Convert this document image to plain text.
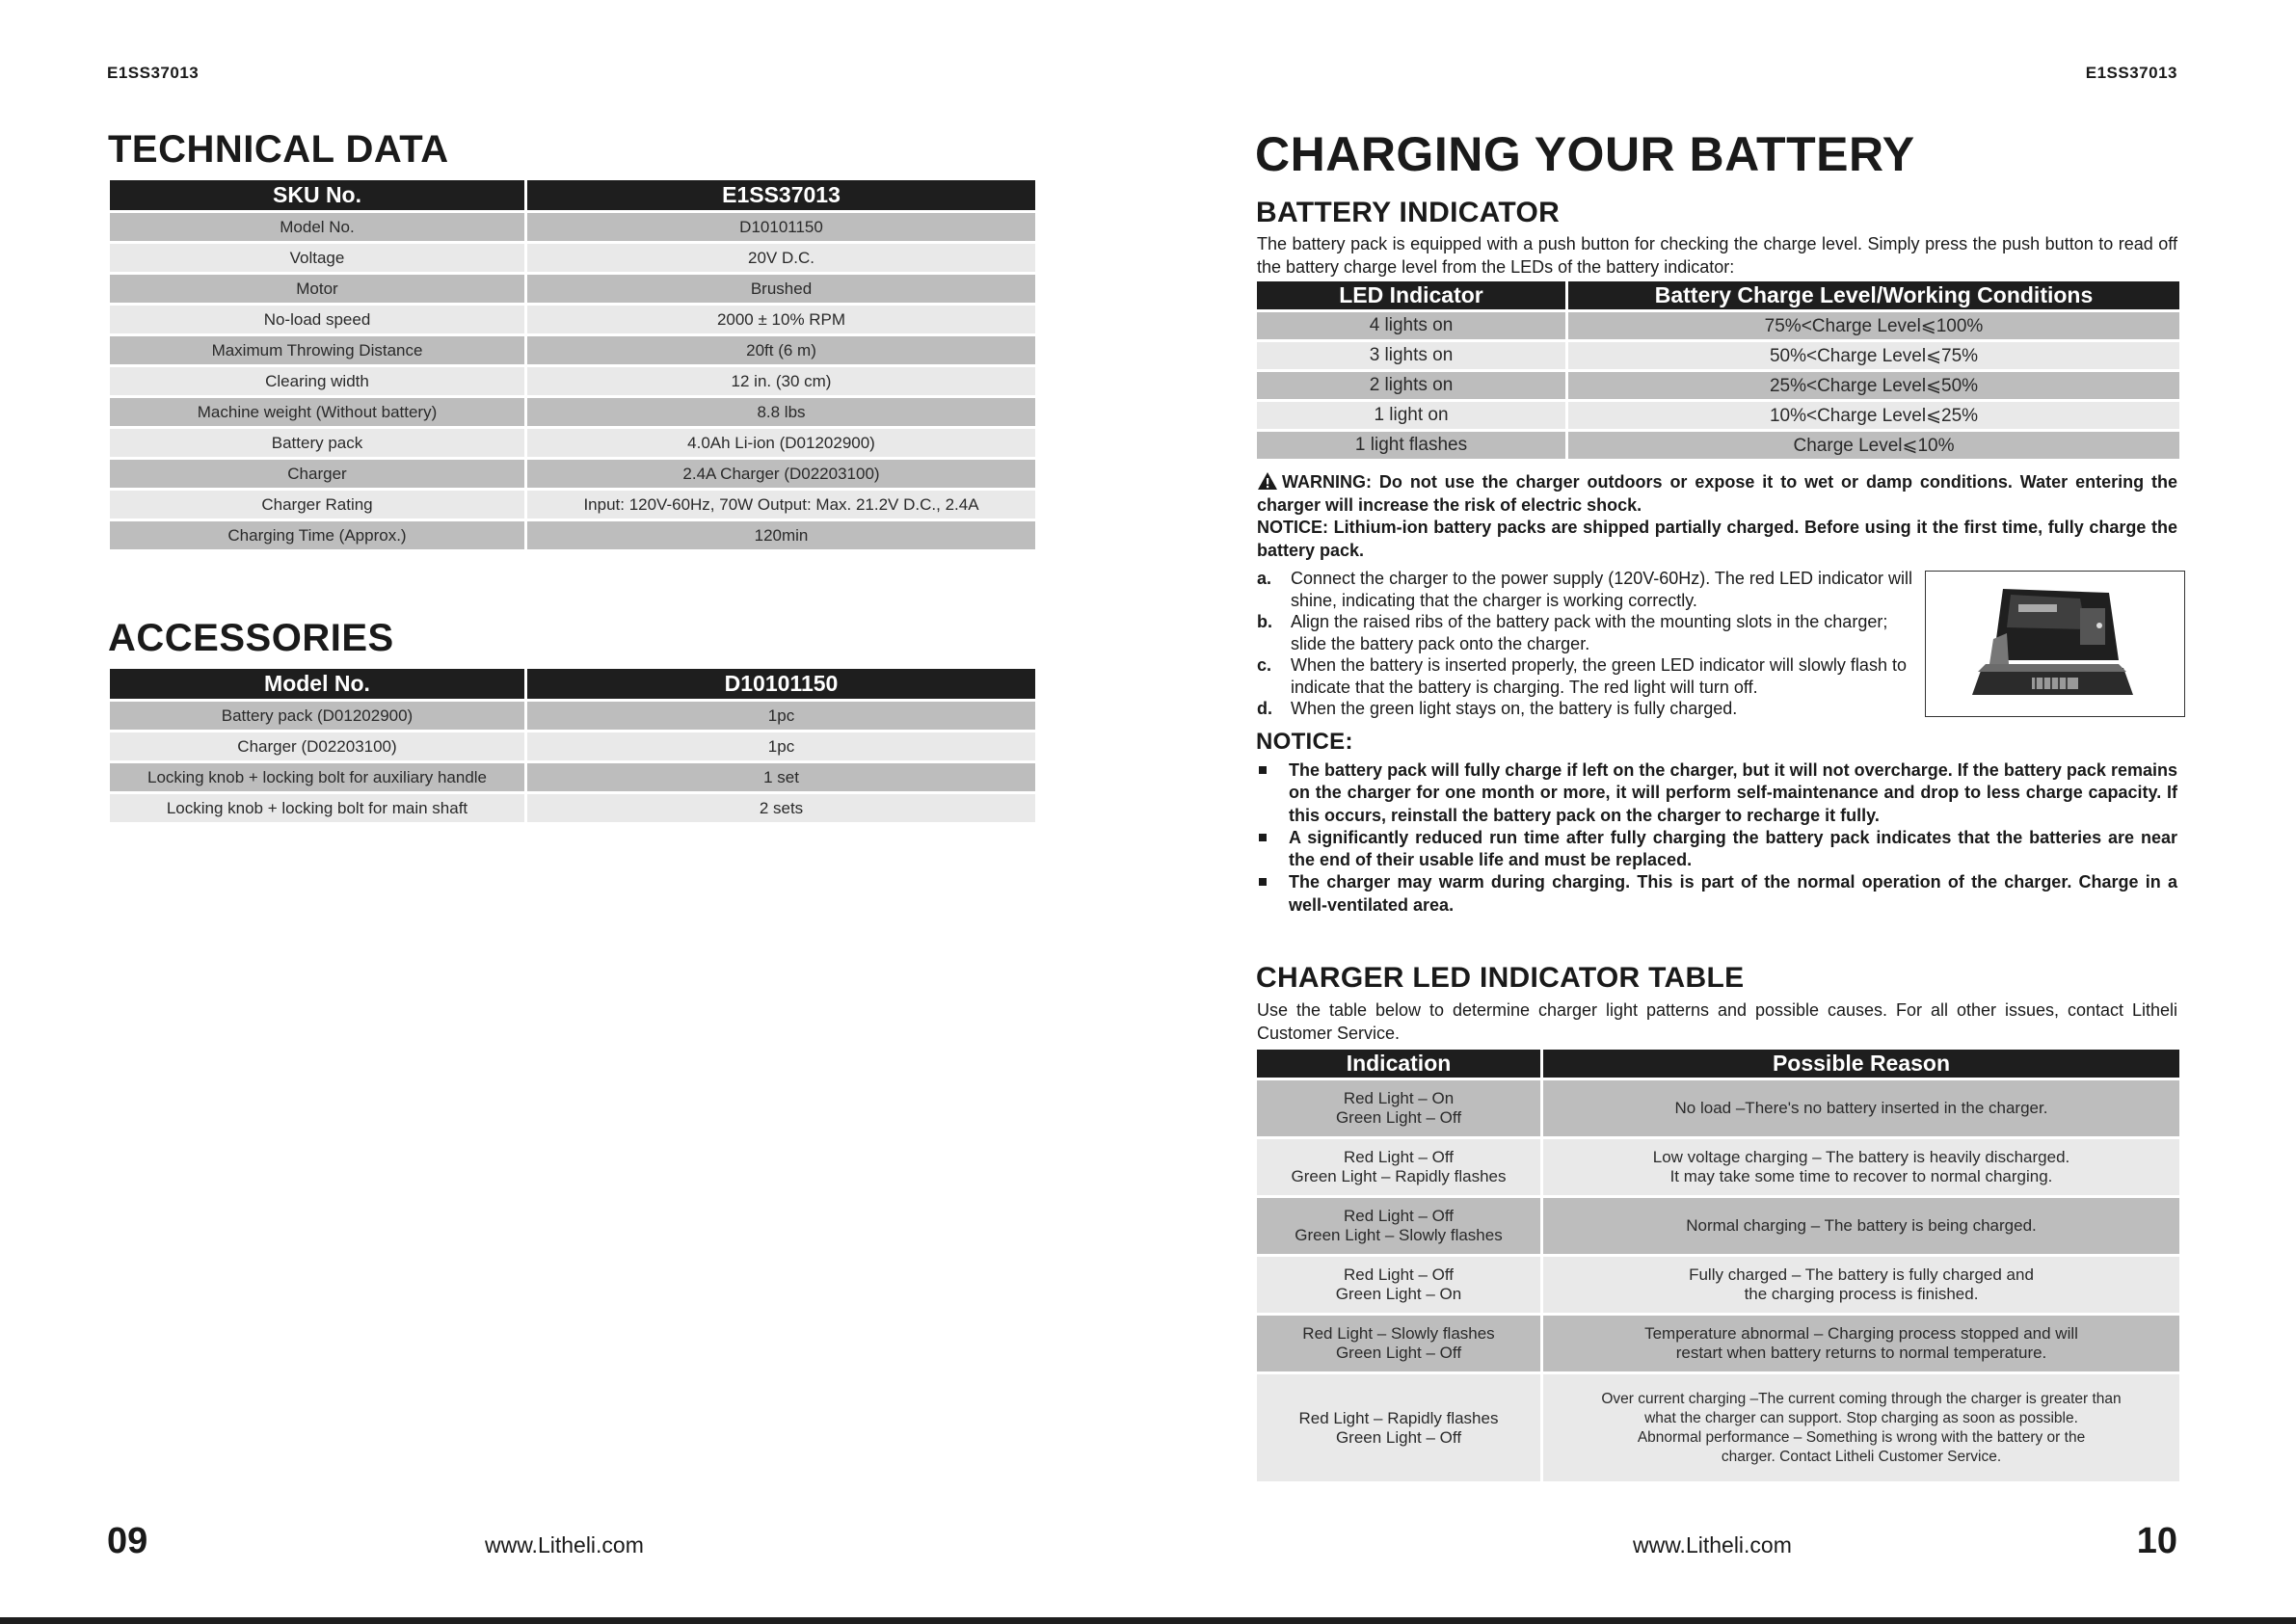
E1SS37013
TECHNICAL DATA
SKU No.	E1SS37013
Model No.	D10101150
Voltage	20V D.C.
Motor	Brushed
No-load speed	2000 ± 10% RPM
Maximum Throwing Distance	20ft (6 m)
Clearing width	12 in. (30 cm)
Machine weight (Without battery)	8.8 lbs
Battery pack	4.0Ah Li-ion (D01202900)
Charger	2.4A Charger (D02203100)
Charger Rating	Input: 120V-60Hz, 70W Output: Max. 21.2V D.C., 2.4A
Charging Time (Approx.)	120min
ACCESSORIES
Model No.	D10101150
Battery pack (D01202900)	1pc
Charger (D02203100)	1pc
Locking knob + locking bolt for auxiliary handle	1 set
Locking knob + locking bolt for main shaft	2 sets
09	www.Litheli.com
E1SS37013
CHARGING YOUR BATTERY
BATTERY INDICATOR

The battery pack is equipped with a push button for checking the charge level. Simply press the push button to read off the battery charge level from the LEDs of the battery indicator:

LED Indicator	Battery Charge Level/Working Conditions
4 lights on	75%<Charge Level⩽100%
3 lights on	50%<Charge Level⩽75%
2 lights on	25%<Charge Level⩽50%
1 light on	10%<Charge Level⩽25%
1 light flashes	Charge Level⩽10%

WARNING: Do not use the charger outdoors or expose it to wet or damp conditions. Water entering the charger will increase the risk of electric shock.

NOTICE: Lithium-ion battery packs are shipped partially charged. Before using it the first time, fully charge the battery pack.

a. Connect the charger to the power supply (120V-60Hz). The red LED indicator will shine, indicating that the charger is working correctly.
b. Align the raised ribs of the battery pack with the mounting slots in the charger; slide the battery pack onto the charger.
c. When the battery is inserted properly, the green LED indicator will slowly flash to indicate that the battery is charging. The red light will turn off.
d. When the green light stays on, the battery is fully charged.
NOTICE:
The battery pack will fully charge if left on the charger, but it will not overcharge. If the battery pack remains on the charger for one month or more, it will perform self-maintenance and drop to less charge capacity. If this occurs, reinstall the battery pack on the charger to recharge it fully.
A significantly reduced run time after fully charging the battery pack indicates that the batteries are near the end of their usable life and must be replaced.
The charger may warm during charging. This is part of the normal operation of the charger. Charge in a well-ventilated area.
CHARGER LED INDICATOR TABLE

Use the table below to determine charger light patterns and possible causes. For all other issues, contact Litheli Customer Service.

Indication	Possible Reason
Red Light – On
Green Light – Off	No load –There's no battery inserted in the charger.
Red Light – Off
Green Light – Rapidly flashes	Low voltage charging – The battery is heavily discharged.
It may take some time to recover to normal charging.
Red Light – Off
Green Light – Slowly flashes	Normal charging – The battery is being charged.
Red Light – Off
Green Light – On	Fully charged – The battery is fully charged and
the charging process is finished.
Red Light – Slowly flashes
Green Light – Off	Temperature abnormal – Charging process stopped and will
restart when battery returns to normal temperature.
Red Light – Rapidly flashes
Green Light – Off	Over current charging –The current coming through the charger is greater than
what the charger can support. Stop charging as soon as possible.
Abnormal performance – Something is wrong with the battery or the
charger. Contact Litheli Customer Service.
www.Litheli.com	10
